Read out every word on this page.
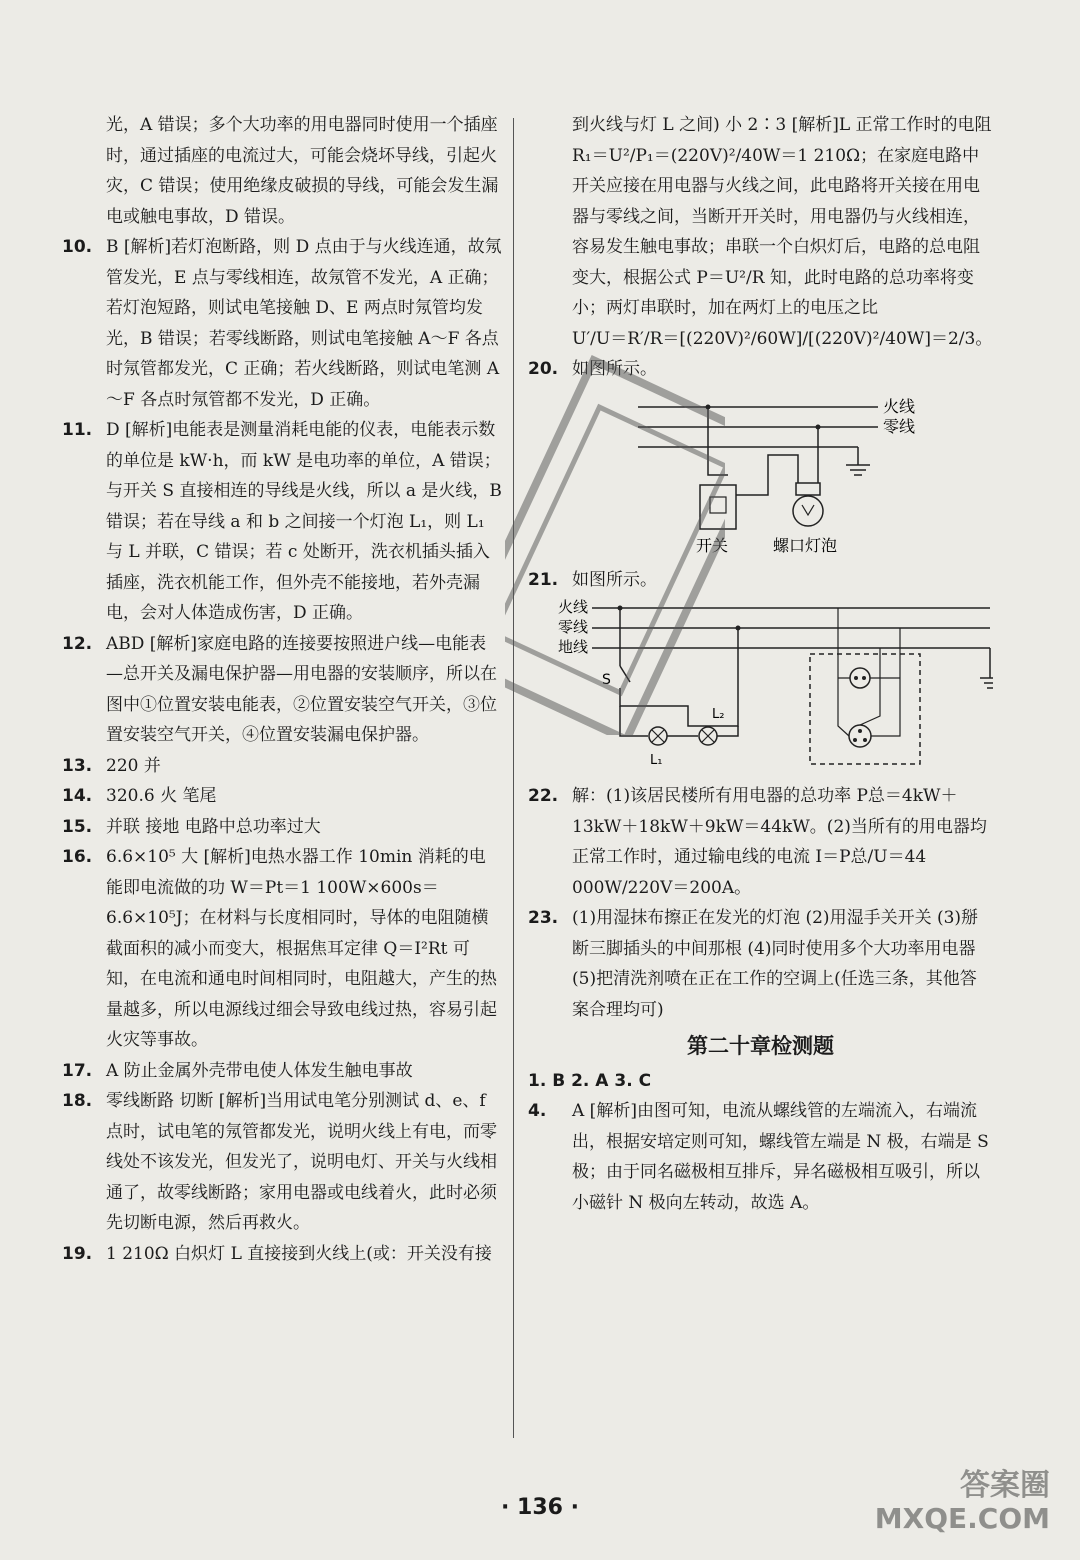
光，A 错误；多个大功率的用电器同时使用一个插座时，通过插座的电流过大，可能会烧坏导线，引起火灾，C 错误；使用绝缘皮破损的导线，可能会发生漏电或触电事故，D 错误。

10. B [解析]若灯泡断路，则 D 点由于与火线连通，故氖管发光，E 点与零线相连，故氖管不发光，A 正确；若灯泡短路，则试电笔接触 D、E 两点时氖管均发光，B 错误；若零线断路，则试电笔接触 A～F 各点时氖管都发光，C 正确；若火线断路，则试电笔测 A～F 各点时氖管都不发光，D 正确。

11. D [解析]电能表是测量消耗电能的仪表，电能表示数的单位是 kW·h，而 kW 是电功率的单位，A 错误；与开关 S 直接相连的导线是火线，所以 a 是火线，B 错误；若在导线 a 和 b 之间接一个灯泡 L₁，则 L₁ 与 L 并联，C 错误；若 c 处断开，洗衣机插头插入插座，洗衣机能工作，但外壳不能接地，若外壳漏电，会对人体造成伤害，D 正确。

12. ABD [解析]家庭电路的连接要按照进户线—电能表—总开关及漏电保护器—用电器的安装顺序，所以在图中①位置安装电能表，②位置安装空气开关，③位置安装空气开关，④位置安装漏电保护器。

13. 220 并

14. 320.6 火 笔尾

15. 并联 接地 电路中总功率过大

16. 6.6×10⁵ 大 [解析]电热水器工作 10min 消耗的电能即电流做的功 W＝Pt＝1 100W×600s＝6.6×10⁵J；在材料与长度相同时，导体的电阻随横截面积的减小而变大，根据焦耳定律 Q＝I²Rt 可知，在电流和通电时间相同时，电阻越大，产生的热量越多，所以电源线过细会导致电线过热，容易引起火灾等事故。

17. A 防止金属外壳带电使人体发生触电事故

18. 零线断路 切断 [解析]当用试电笔分别测试 d、e、f 点时，试电笔的氖管都发光，说明火线上有电，而零线处不该发光，但发光了，说明电灯、开关与火线相通了，故零线断路；家用电器或电线着火，此时必须先切断电源，然后再救火。

19. 1 210Ω 白炽灯 L 直接接到火线上(或：开关没有接

到火线与灯 L 之间) 小 2∶3 [解析]L 正常工作时的电阻 R₁＝U²/P₁＝(220V)²/40W＝1 210Ω；在家庭电路中开关应接在用电器与火线之间，此电路将开关接在用电器与零线之间，当断开开关时，用电器仍与火线相连，容易发生触电事故；串联一个白炽灯后，电路的总电阻变大，根据公式 P＝U²/R 知，此时电路的总功率将变小；两灯串联时，加在两灯上的电压之比

U′/U＝R′/R＝[(220V)²/60W]/[(220V)²/40W]＝2/3。

20. 如图所示。

火线
零线
开关	螺口灯泡

21. 如图所示。

火线
零线
地线
S
L₁
L₂

22. 解：(1)该居民楼所有用电器的总功率 P总＝4kW＋13kW＋18kW＋9kW＝44kW。(2)当所有的用电器均正常工作时，通过输电线的电流 I＝P总/U＝44 000W/220V＝200A。

23. (1)用湿抹布擦正在发光的灯泡 (2)用湿手关开关 (3)掰断三脚插头的中间那根 (4)同时使用多个大功率用电器 (5)把清洗剂喷在正在工作的空调上(任选三条，其他答案合理均可)

第二十章检测题

1. B 2. A 3. C

4. A [解析]由图可知，电流从螺线管的左端流入，右端流出，根据安培定则可知，螺线管左端是 N 极，右端是 S 极；由于同名磁极相互排斥，异名磁极相互吸引，所以小磁针 N 极向左转动，故选 A。

· 136 ·
答案圈
MXQE.COM
